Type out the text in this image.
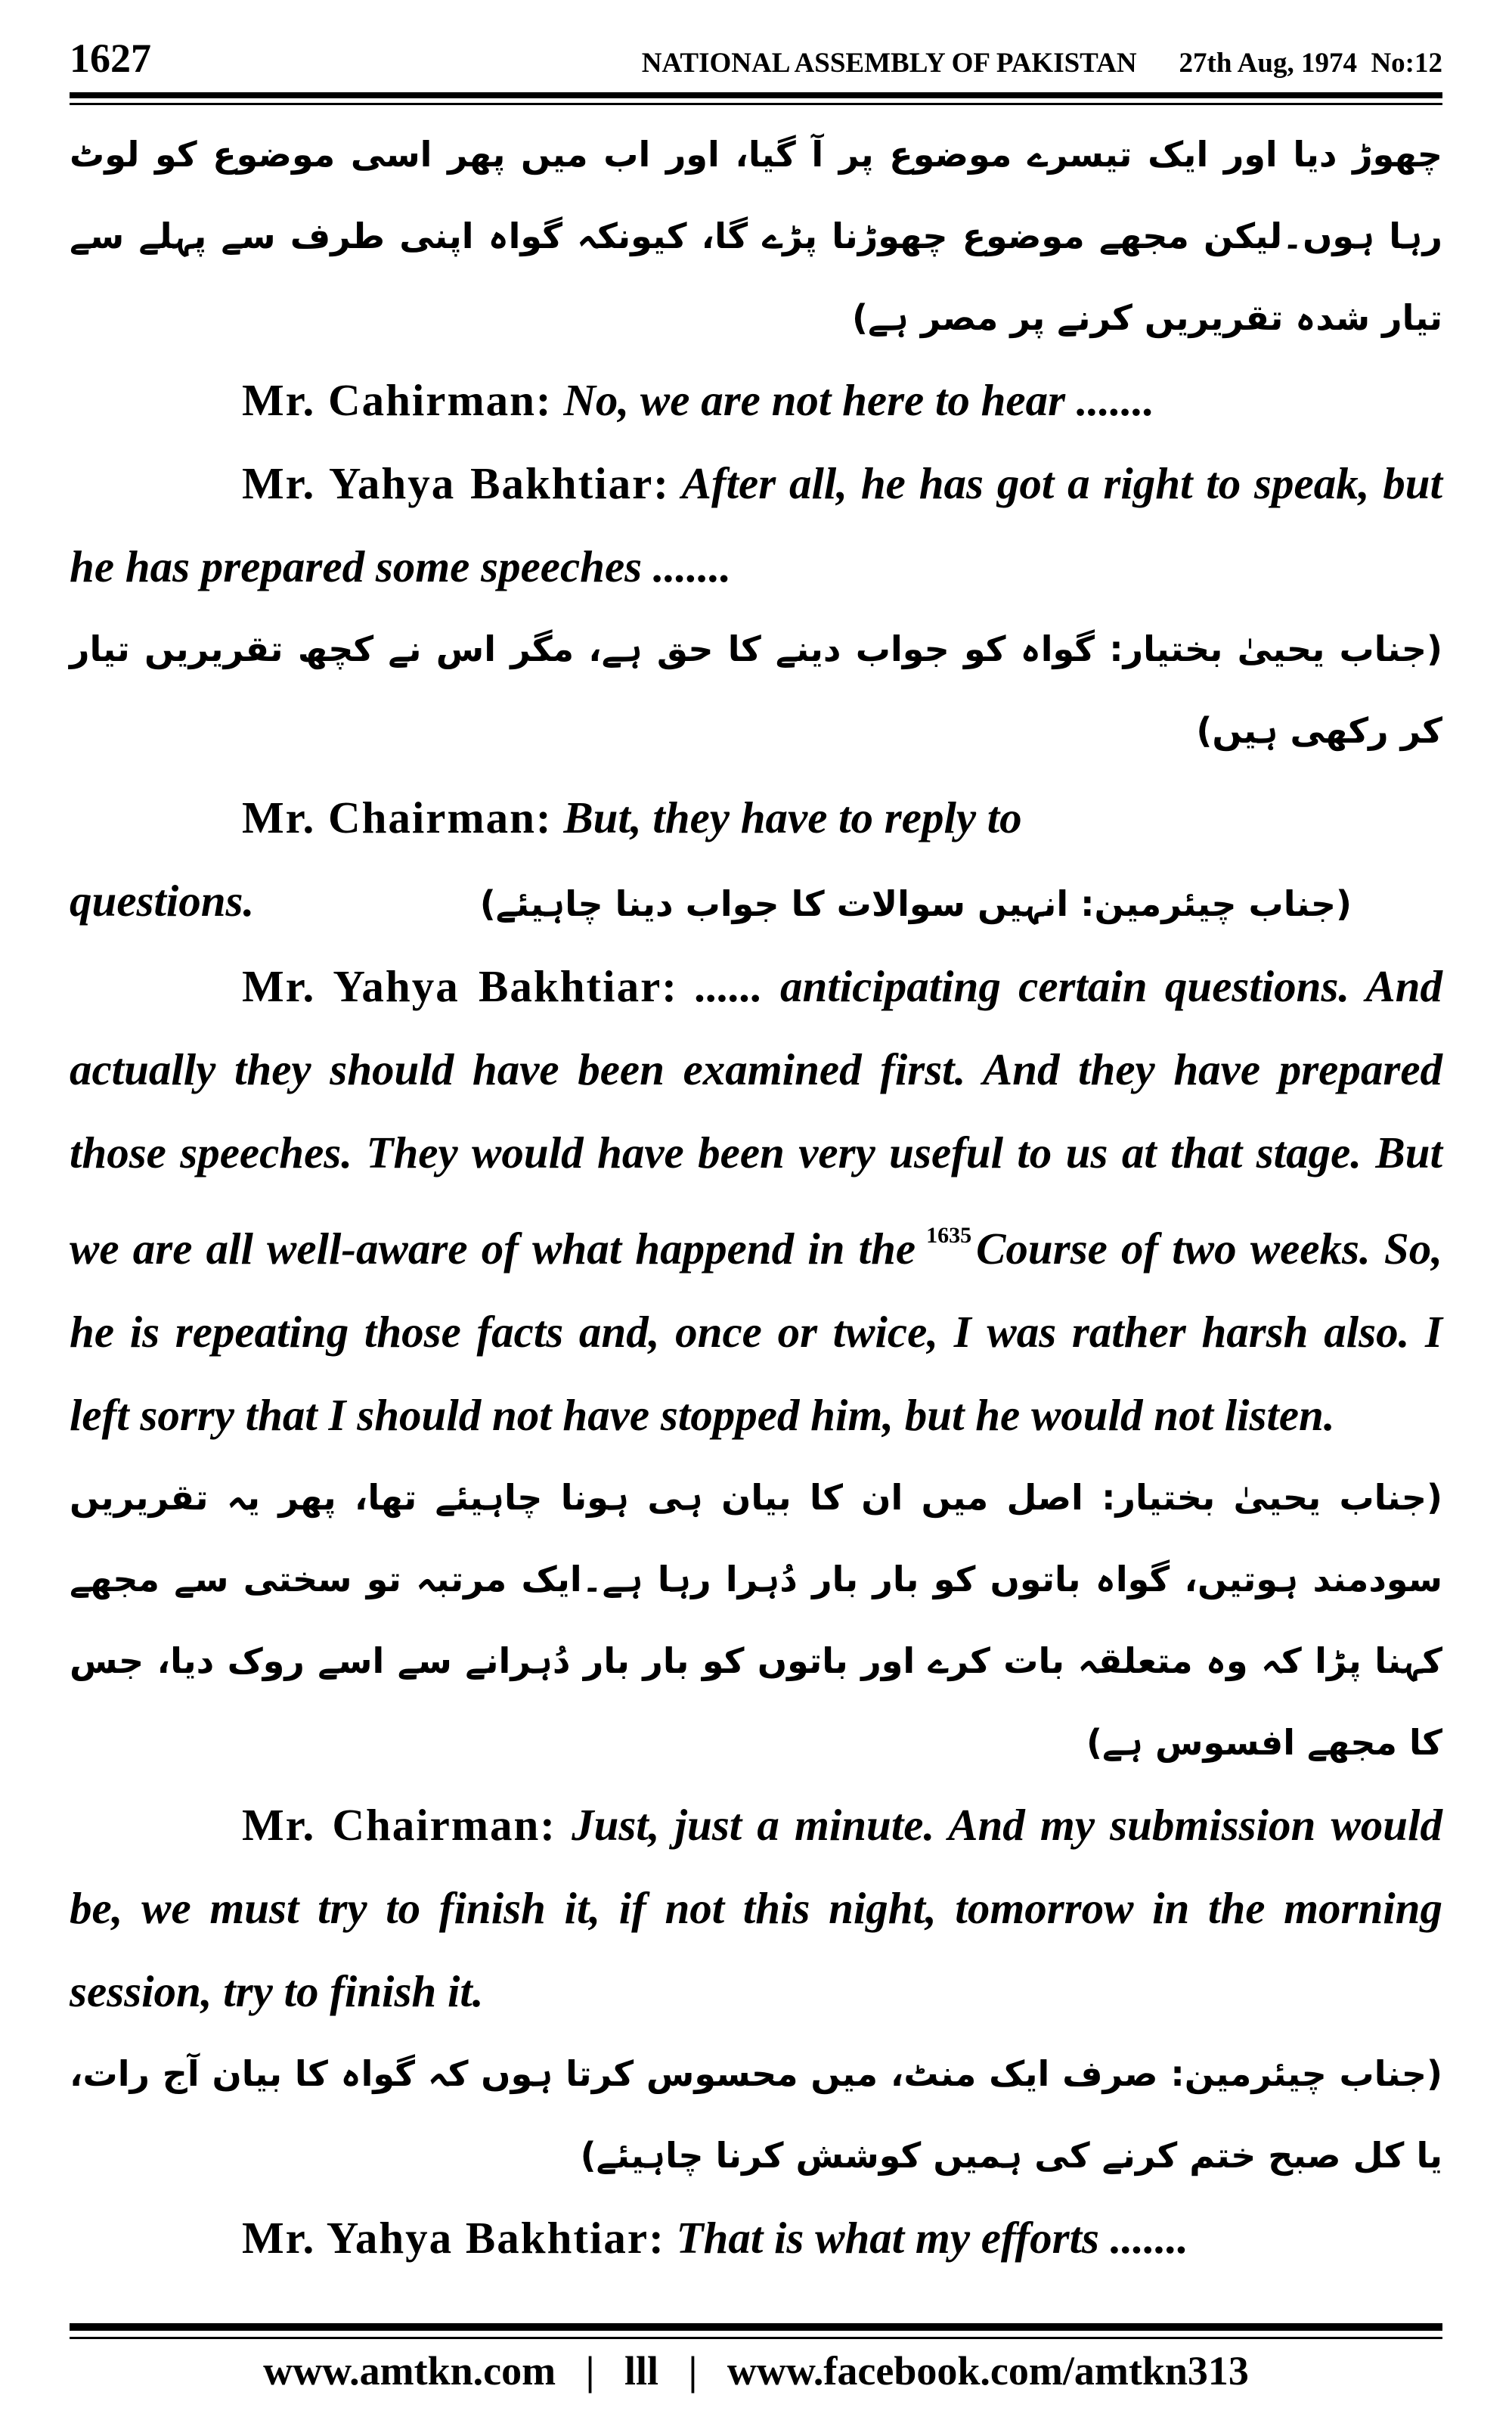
1627	NATIONAL ASSEMBLY OF PAKISTAN 27th Aug, 1974 No:12

چھوڑ دیا اور ایک تیسرے موضوع پر آ گیا، اور اب میں پھر اسی موضوع کو لوٹ رہا ہوں۔لیکن مجھے موضوع چھوڑنا پڑے گا، کیونکہ گواہ اپنی طرف سے پہلے سے تیار شدہ تقریریں کرنے پر مصر ہے)

Mr. Cahirman: No, we are not here to hear .......

Mr. Yahya Bakhtiar: After all, he has got a right to speak, but he has prepared some speeches .......

(جناب یحییٰ بختیار: گواہ کو جواب دینے کا حق ہے، مگر اس نے کچھ تقریریں تیار کر رکھی ہیں)

Mr. Chairman: But, they have to reply to

questions.	(جناب چیئرمین: انہیں سوالات کا جواب دینا چاہیئے)

Mr. Yahya Bakhtiar: ...... anticipating certain questions. And actually they should have been examined first. And they have prepared those speeches. They would have been very useful to us at that stage. But we are all well-aware of what happend in the $^{1635}$ Course of two weeks. So, he is repeating those facts and, once or twice, I was rather harsh also. I left sorry that I should not have stopped him, but he would not listen.

(جناب یحییٰ بختیار: اصل میں ان کا بیان ہی ہونا چاہیئے تھا، پھر یہ تقریریں سودمند ہوتیں، گواہ باتوں کو بار بار دُہرا رہا ہے۔ایک مرتبہ تو سختی سے مجھے کہنا پڑا کہ وہ متعلقہ بات کرے اور باتوں کو بار بار دُہرانے سے اسے روک دیا، جس کا مجھے افسوس ہے)

Mr. Chairman: Just, just a minute. And my submission would be, we must try to finish it, if not this night, tomorrow in the morning session, try to finish it.

(جناب چیئرمین: صرف ایک منٹ، میں محسوس کرتا ہوں کہ گواہ کا بیان آج رات، یا کل صبح ختم کرنے کی ہمیں کوشش کرنا چاہیئے)

Mr. Yahya Bakhtiar: That is what my efforts .......

www.amtkn.com | lll | www.facebook.com/amtkn313
